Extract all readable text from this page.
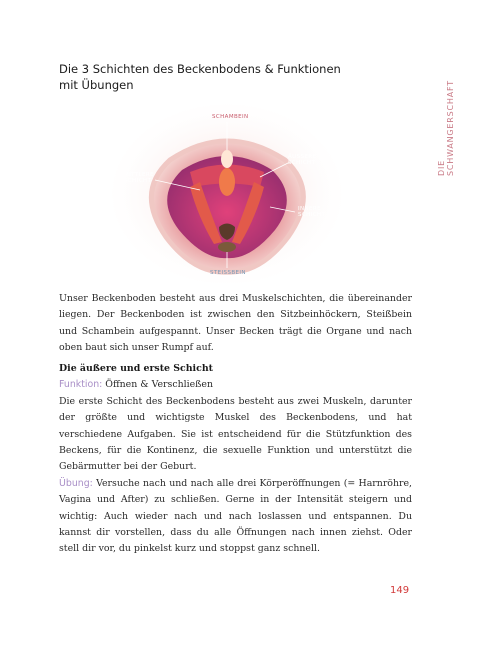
Die 3 Schichten des Beckenbodens & Funktionen
mit Übungen
DIE SCHWANGERSCHAFT
SCHAMBEIN
MITTLERE SCHICHT
ÄUSSERE SCHICHT
INNERE SCHICHT
STEISSBEIN

Unser Beckenboden besteht aus drei Muskelschichten, die übereinander liegen. Der Beckenboden ist zwischen den Sitzbeinhöckern, Steißbein und Schambein aufgespannt. Unser Becken trägt die Organe und nach oben baut sich unser Rumpf auf.

Die äußere und erste Schicht
Funktion: Öffnen & Verschließen

Die erste Schicht des Beckenbodens besteht aus zwei Muskeln, darunter der größte und wichtigste Muskel des Beckenbodens, und hat verschiedene Aufgaben. Sie ist entscheidend für die Stützfunktion des Beckens, für die Kontinenz, die sexuelle Funktion und unterstützt die Gebärmutter bei der Geburt.

Übung: Versuche nach und nach alle drei Körperöffnungen (= Harnröhre, Vagina und After) zu schließen. Gerne in der Intensität steigern und wichtig: Auch wieder nach und nach loslassen und entspannen. Du kannst dir vorstellen, dass du alle Öffnungen nach innen ziehst. Oder stell dir vor, du pinkelst kurz und stoppst ganz schnell.

149
